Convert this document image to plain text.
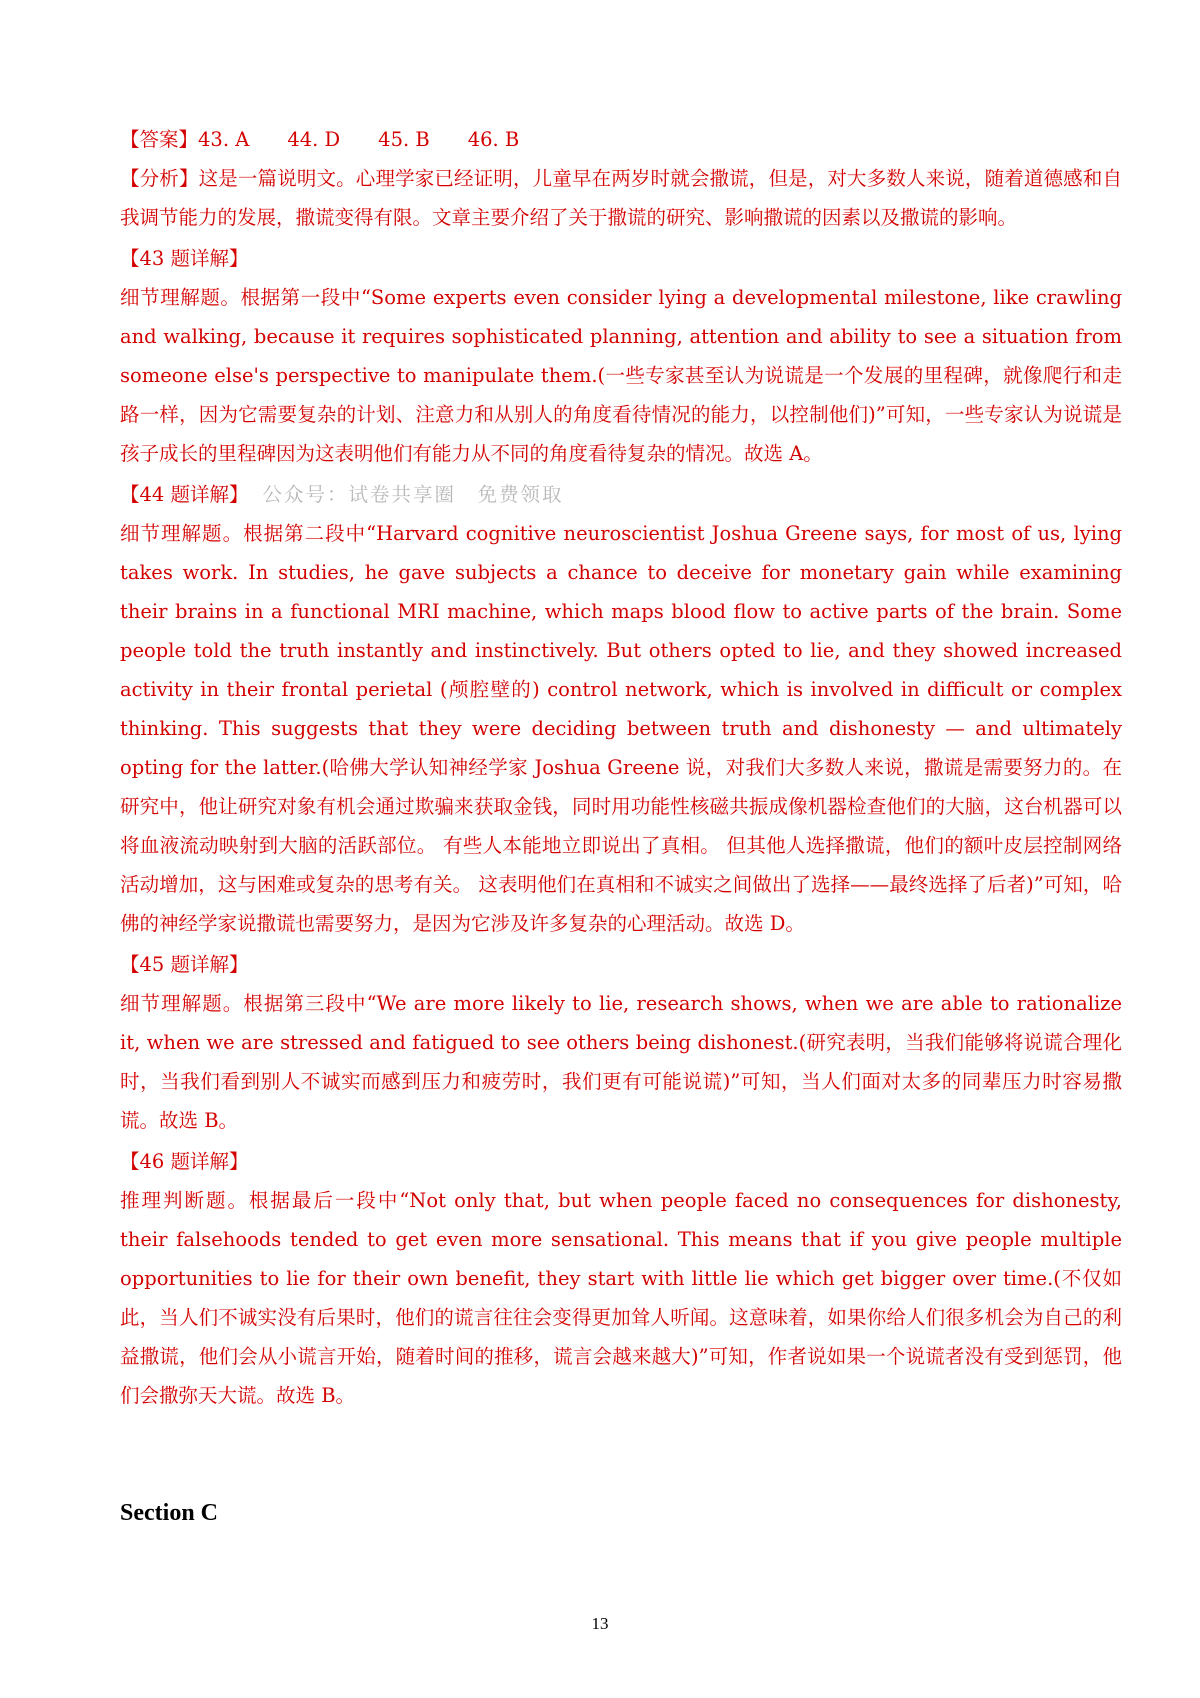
【答案】43. A 44. D 45. B 46. B

【分析】这是一篇说明文。心理学家已经证明，儿童早在两岁时就会撒谎，但是，对大多数人来说，随着道德感和自我调节能力的发展，撒谎变得有限。文章主要介绍了关于撒谎的研究、影响撒谎的因素以及撒谎的影响。

【43 题详解】

细节理解题。根据第一段中“Some experts even consider lying a developmental milestone, like crawling and walking, because it requires sophisticated planning, attention and ability to see a situation from someone else's perspective to manipulate them.(一些专家甚至认为说谎是一个发展的里程碑，就像爬行和走路一样，因为它需要复杂的计划、注意力和从别人的角度看待情况的能力，以控制他们)”可知，一些专家认为说谎是孩子成长的里程碑因为这表明他们有能力从不同的角度看待复杂的情况。故选 A。

【44 题详解】 公众号：试卷共享圈　免费领取

细节理解题。根据第二段中“Harvard cognitive neuroscientist Joshua Greene says, for most of us, lying takes work. In studies, he gave subjects a chance to deceive for monetary gain while examining their brains in a functional MRI machine, which maps blood flow to active parts of the brain. Some people told the truth instantly and instinctively. But others opted to lie, and they showed increased activity in their frontal perietal (颅腔壁的) control network, which is involved in difficult or complex thinking. This suggests that they were deciding between truth and dishonesty — and ultimately opting for the latter.(哈佛大学认知神经学家 Joshua Greene 说，对我们大多数人来说，撒谎是需要努力的。在研究中，他让研究对象有机会通过欺骗来获取金钱，同时用功能性核磁共振成像机器检查他们的大脑，这台机器可以将血液流动映射到大脑的活跃部位。 有些人本能地立即说出了真相。 但其他人选择撒谎，他们的额叶皮层控制网络活动增加，这与困难或复杂的思考有关。 这表明他们在真相和不诚实之间做出了选择——最终选择了后者)”可知，哈佛的神经学家说撒谎也需要努力，是因为它涉及许多复杂的心理活动。故选 D。

【45 题详解】

细节理解题。根据第三段中“We are more likely to lie, research shows, when we are able to rationalize it, when we are stressed and fatigued to see others being dishonest.(研究表明，当我们能够将说谎合理化时，当我们看到别人不诚实而感到压力和疲劳时，我们更有可能说谎)”可知，当人们面对太多的同辈压力时容易撒谎。故选 B。

【46 题详解】

推理判断题。根据最后一段中“Not only that, but when people faced no consequences for dishonesty, their falsehoods tended to get even more sensational. This means that if you give people multiple opportunities to lie for their own benefit, they start with little lie which get bigger over time.(不仅如此，当人们不诚实没有后果时，他们的谎言往往会变得更加耸人听闻。这意味着，如果你给人们很多机会为自己的利益撒谎，他们会从小谎言开始，随着时间的推移，谎言会越来越大)”可知，作者说如果一个说谎者没有受到惩罚，他们会撒弥天大谎。故选 B。

Section C
13
